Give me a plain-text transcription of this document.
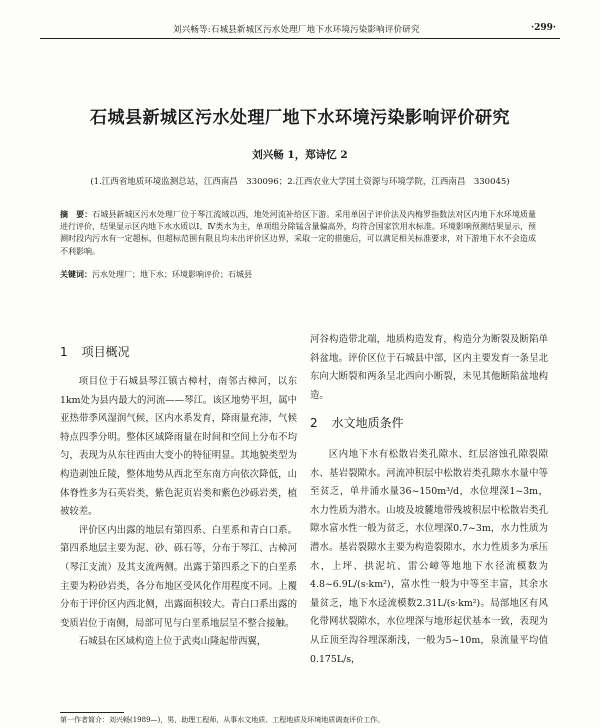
刘兴畅等:石城县新城区污水处理厂地下水环境污染影响评价研究	·299·
石城县新城区污水处理厂地下水环境污染影响评价研究
刘兴畅 1，郑诗忆 2
(1.江西省地质环境监测总站，江西南昌　330096；2.江西农业大学国土资源与环境学院，江西南昌　330045)
摘　要：石城县新城区污水处理厂位于琴江流域以西，地处河流补给区下游。采用单因子评价法及内梅罗指数法对区内地下水环境质量进行评价，结果显示区内地下水水质以Ⅰ、Ⅳ类水为主，单项组分除锰含量偏高外，均符合国家饮用水标准。环境影响预测结果显示，预测时段内污水有一定超标，但超标范围有限且均未出评价区边界，采取一定的措施后，可以满足相关标准要求，对下游地下水不会造成不利影响。
关键词：污水处理厂；地下水；环境影响评价；石城县
1 项目概况

项目位于石城县琴江镇古樟村，南邻古樟河，以东1km处为县内最大的河流——琴江。该区地势平坦，属中亚热带季风湿润气候，区内水系发育，降雨量充沛，气候特点四季分明。整体区域降雨量在时间和空间上分布不均匀，表现为从东往西由大变小的特征明显。其地貌类型为构造剥蚀丘陵，整体地势从西北至东南方向依次降低，山体脊性多为石英岩类，紫色泥页岩类和紫色沙砾岩类，植被较差。

评价区内出露的地层有第四系、白垩系和青白口系。第四系地层主要为泥、砂、砾石等，分布于琴江、古樟河（琴江支流）及其支流两侧。出露于第四系之下的白垩系主要为粉砂岩类，各分布地区受风化作用程度不同。上覆分布于评价区内西北侧，出露面积较大。青白口系出露的变质岩位于南侧，局部可见与白垩系地层呈不整合接触。

石城县在区域构造上位于武夷山隆起带西翼，

河谷构造带北端，地质构造发育，构造分为断裂及断陷单斜盆地。评价区位于石城县中部，区内主要发育一条呈北东向大断裂和两条呈北西向小断裂，未见其他断陷盆地构造。

2 水文地质条件

区内地下水有松散岩类孔隙水、红层溶蚀孔隙裂隙水、基岩裂隙水。河流冲积层中松散岩类孔隙水水量中等至贫乏，单井涌水量36~150m³/d，水位埋深1~3m，水力性质为潜水。山坡及坡麓地带残坡积层中松散岩类孔隙水富水性一般为贫乏，水位埋深0.7~3m，水力性质为潜水。基岩裂隙水主要为构造裂隙水，水力性质多为承压水，上坪、拱泥坑、雷公嶂等地地下水径流模数为4.8~6.9L/(s·km²)，富水性一般为中等至丰富，其余水量贫乏，地下水迳流模数2.31L/(s·km²)。局部地区有风化带网状裂隙水，水位埋深与地形起伏基本一致，表现为从丘顶至沟谷埋深渐浅，一般为5~10m，泉流量平均值0.175L/s，

第一作者简介：刘兴畅(1989—)，男，助理工程师，从事水文地质、工程地质及环境地质调查评价工作。
